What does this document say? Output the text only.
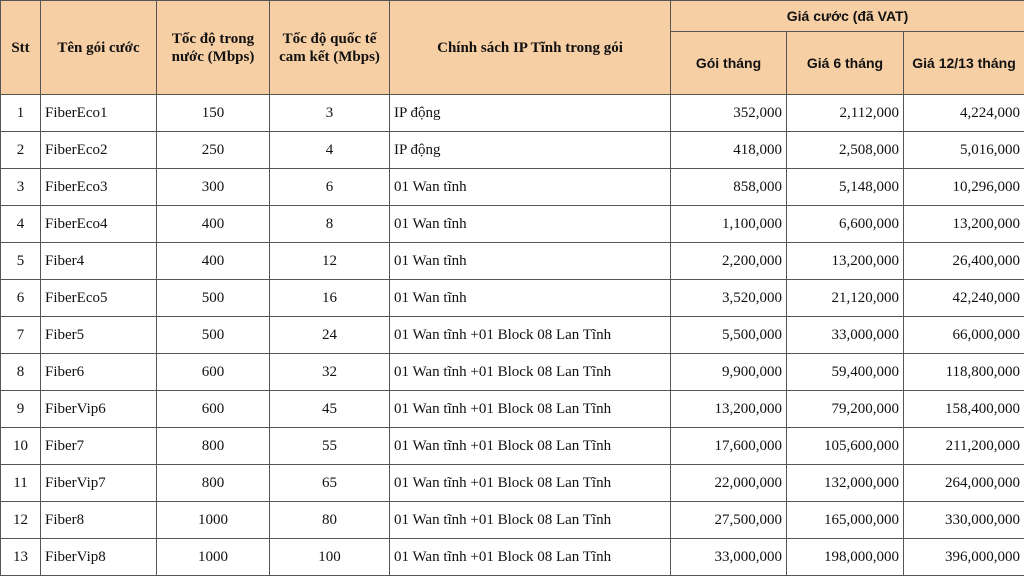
Stt	Tên gói cước	Tốc độ trong nước (Mbps)	Tốc độ quốc tế cam kết (Mbps)	Chính sách IP Tĩnh trong gói	Giá cước (đã VAT)		
					Gói tháng	Giá 6 tháng	Giá 12/13 tháng
1	FiberEco1	150	3	IP động	352,000	2,112,000	4,224,000
2	FiberEco2	250	4	IP động	418,000	2,508,000	5,016,000
3	FiberEco3	300	6	01 Wan tĩnh	858,000	5,148,000	10,296,000
4	FiberEco4	400	8	01 Wan tĩnh	1,100,000	6,600,000	13,200,000
5	Fiber4	400	12	01 Wan tĩnh	2,200,000	13,200,000	26,400,000
6	FiberEco5	500	16	01 Wan tĩnh	3,520,000	21,120,000	42,240,000
7	Fiber5	500	24	01 Wan tĩnh +01 Block 08 Lan Tĩnh	5,500,000	33,000,000	66,000,000
8	Fiber6	600	32	01 Wan tĩnh +01 Block 08 Lan Tĩnh	9,900,000	59,400,000	118,800,000
9	FiberVip6	600	45	01 Wan tĩnh +01 Block 08 Lan Tĩnh	13,200,000	79,200,000	158,400,000
10	Fiber7	800	55	01 Wan tĩnh +01 Block 08 Lan Tĩnh	17,600,000	105,600,000	211,200,000
11	FiberVip7	800	65	01 Wan tĩnh +01 Block 08 Lan Tĩnh	22,000,000	132,000,000	264,000,000
12	Fiber8	1000	80	01 Wan tĩnh +01 Block 08 Lan Tĩnh	27,500,000	165,000,000	330,000,000
13	FiberVip8	1000	100	01 Wan tĩnh +01 Block 08 Lan Tĩnh	33,000,000	198,000,000	396,000,000
